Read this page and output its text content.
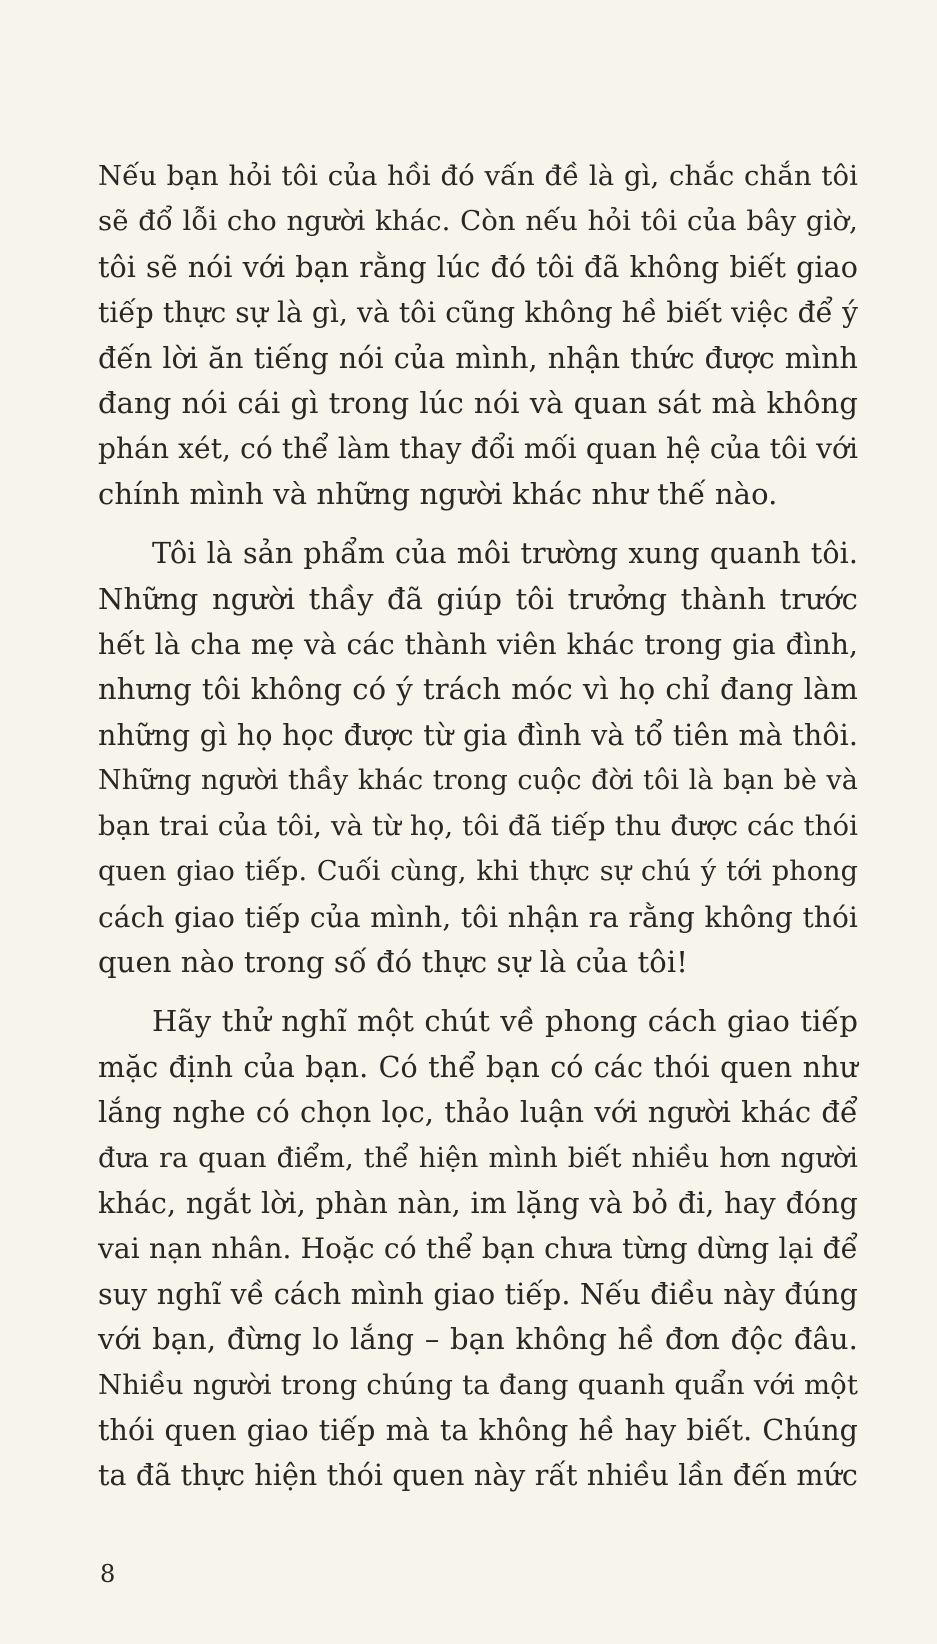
Nếu bạn hỏi tôi của hồi đó vấn đề là gì, chắc chắn tôi
sẽ đổ lỗi cho người khác. Còn nếu hỏi tôi của bây giờ,
tôi sẽ nói với bạn rằng lúc đó tôi đã không biết giao
tiếp thực sự là gì, và tôi cũng không hề biết việc để ý
đến lời ăn tiếng nói của mình, nhận thức được mình
đang nói cái gì trong lúc nói và quan sát mà không
phán xét, có thể làm thay đổi mối quan hệ của tôi với
chính mình và những người khác như thế nào.

Tôi là sản phẩm của môi trường xung quanh tôi.
Những người thầy đã giúp tôi trưởng thành trước
hết là cha mẹ và các thành viên khác trong gia đình,
nhưng tôi không có ý trách móc vì họ chỉ đang làm
những gì họ học được từ gia đình và tổ tiên mà thôi.
Những người thầy khác trong cuộc đời tôi là bạn bè và
bạn trai của tôi, và từ họ, tôi đã tiếp thu được các thói
quen giao tiếp. Cuối cùng, khi thực sự chú ý tới phong
cách giao tiếp của mình, tôi nhận ra rằng không thói
quen nào trong số đó thực sự là của tôi!

Hãy thử nghĩ một chút về phong cách giao tiếp
mặc định của bạn. Có thể bạn có các thói quen như
lắng nghe có chọn lọc, thảo luận với người khác để
đưa ra quan điểm, thể hiện mình biết nhiều hơn người
khác, ngắt lời, phàn nàn, im lặng và bỏ đi, hay đóng
vai nạn nhân. Hoặc có thể bạn chưa từng dừng lại để
suy nghĩ về cách mình giao tiếp. Nếu điều này đúng
với bạn, đừng lo lắng – bạn không hề đơn độc đâu.
Nhiều người trong chúng ta đang quanh quẩn với một
thói quen giao tiếp mà ta không hề hay biết. Chúng
ta đã thực hiện thói quen này rất nhiều lần đến mức

8
